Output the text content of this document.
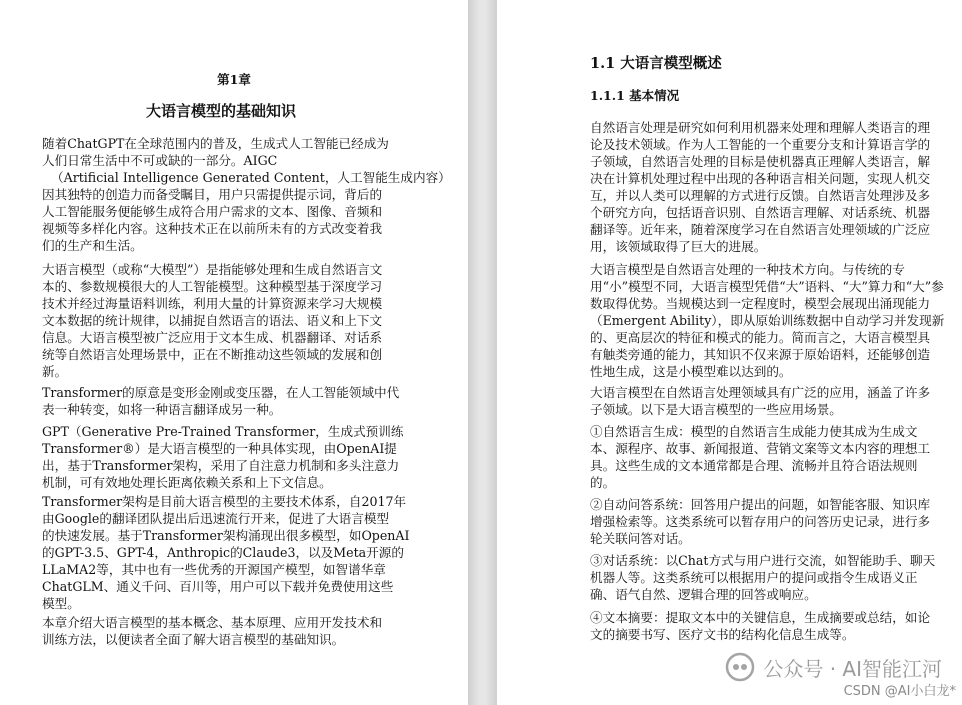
第1章
大语言模型的基础知识
随着ChatGPT在全球范围内的普及，生成式人工智能已经成为
人们日常生活中不可或缺的一部分。AIGC
（Artificial Intelligence Generated Content，人工智能生成内容）
因其独特的创造力而备受瞩目，用户只需提供提示词，背后的
人工智能服务便能够生成符合用户需求的文本、图像、音频和
视频等多样化内容。这种技术正在以前所未有的方式改变着我
们的生产和生活。
大语言模型（或称“大模型”）是指能够处理和生成自然语言文
本的、参数规模很大的人工智能模型。这种模型基于深度学习
技术并经过海量语料训练，利用大量的计算资源来学习大规模
文本数据的统计规律，以捕捉自然语言的语法、语义和上下文
信息。大语言模型被广泛应用于文本生成、机器翻译、对话系
统等自然语言处理场景中，正在不断推动这些领域的发展和创
新。
Transformer的原意是变形金刚或变压器，在人工智能领域中代
表一种转变，如将一种语言翻译成另一种。
GPT（Generative Pre-Trained Transformer，生成式预训练
Transformer®）是大语言模型的一种具体实现，由OpenAI提
出，基于Transformer架构，采用了自注意力机制和多头注意力
机制，可有效地处理长距离依赖关系和上下文信息。
Transformer架构是目前大语言模型的主要技术体系，自2017年
由Google的翻译团队提出后迅速流行开来，促进了大语言模型
的快速发展。基于Transformer架构涌现出很多模型，如OpenAI
的GPT-3.5、GPT-4，Anthropic的Claude3，以及Meta开源的
LLaMA2等，其中也有一些优秀的开源国产模型，如智谱华章
ChatGLM、通义千问、百川等，用户可以下载并免费使用这些
模型。
本章介绍大语言模型的基本概念、基本原理、应用开发技术和
训练方法，以便读者全面了解大语言模型的基础知识。
1.1 大语言模型概述
1.1.1 基本情况
自然语言处理是研究如何利用机器来处理和理解人类语言的理
论及技术领域。作为人工智能的一个重要分支和计算语言学的
子领域，自然语言处理的目标是使机器真正理解人类语言，解
决在计算机处理过程中出现的各种语言相关问题，实现人机交
互，并以人类可以理解的方式进行反馈。自然语言处理涉及多
个研究方向，包括语音识别、自然语言理解、对话系统、机器
翻译等。近年来，随着深度学习在自然语言处理领域的广泛应
用，该领域取得了巨大的进展。
大语言模型是自然语言处理的一种技术方向。与传统的专
用“小”模型不同，大语言模型凭借“大”语料、“大”算力和“大”参
数取得优势。当规模达到一定程度时，模型会展现出涌现能力
（Emergent Ability），即从原始训练数据中自动学习并发现新
的、更高层次的特征和模式的能力。简而言之，大语言模型具
有触类旁通的能力，其知识不仅来源于原始语料，还能够创造
性地生成，这是小模型难以达到的。
大语言模型在自然语言处理领域具有广泛的应用，涵盖了许多
子领域。以下是大语言模型的一些应用场景。
①自然语言生成：模型的自然语言生成能力使其成为生成文
本、源程序、故事、新闻报道、营销文案等文本内容的理想工
具。这些生成的文本通常都是合理、流畅并且符合语法规则
的。
②自动问答系统：回答用户提出的问题，如智能客服、知识库
增强检索等。这类系统可以暂存用户的问答历史记录，进行多
轮关联问答对话。
③对话系统：以Chat方式与用户进行交流，如智能助手、聊天
机器人等。这类系统可以根据用户的提问或指令生成语义正
确、语气自然、逻辑合理的回答或响应。
④文本摘要：提取文本中的关键信息，生成摘要或总结，如论
文的摘要书写、医疗文书的结构化信息生成等。
公众号 · AI智能江河
CSDN @AI小白龙*
